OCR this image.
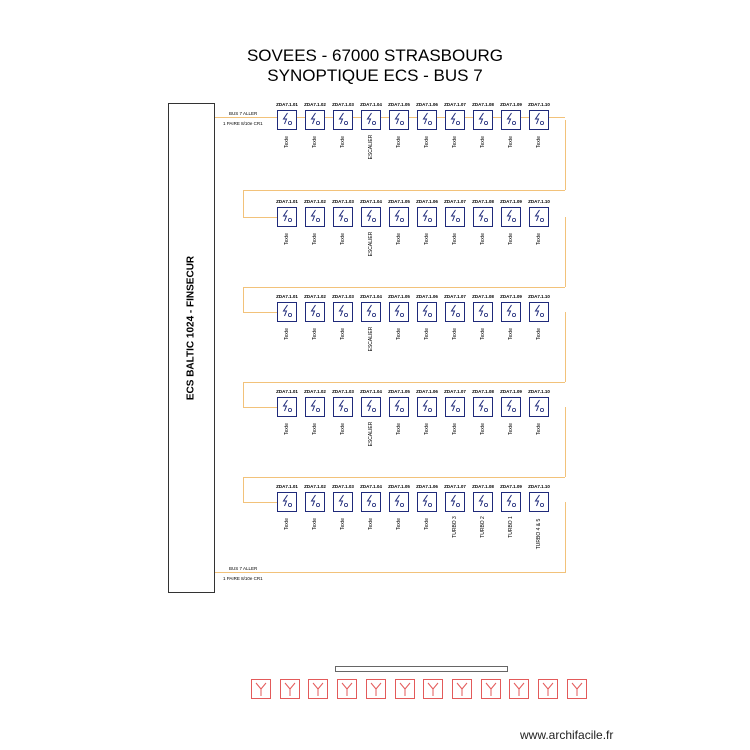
SOVEES - 67000 STRASBOURG
SYNOPTIQUE ECS - BUS 7
ECS BALTIC 1024 - FINSECUR
BUS 7 ALLER
1 PAIRE 8/10e CR1
BUS 7 ALLER
1 PAIRE 8/10e CR1
ZDA7.1.01
Texte
ZDA7.1.02
Texte
ZDA7.1.03
Texte
ZDA7.1.04
ESCALIER
ZDA7.1.05
Texte
ZDA7.1.06
Texte
ZDA7.1.07
Texte
ZDA7.1.08
Texte
ZDA7.1.09
Texte
ZDA7.1.10
Texte
ZDA7.1.01
Texte
ZDA7.1.02
Texte
ZDA7.1.03
Texte
ZDA7.1.04
ESCALIER
ZDA7.1.05
Texte
ZDA7.1.06
Texte
ZDA7.1.07
Texte
ZDA7.1.08
Texte
ZDA7.1.09
Texte
ZDA7.1.10
Texte
ZDA7.1.01
Texte
ZDA7.1.02
Texte
ZDA7.1.03
Texte
ZDA7.1.04
ESCALIER
ZDA7.1.05
Texte
ZDA7.1.06
Texte
ZDA7.1.07
Texte
ZDA7.1.08
Texte
ZDA7.1.09
Texte
ZDA7.1.10
Texte
ZDA7.1.01
Texte
ZDA7.1.02
Texte
ZDA7.1.03
Texte
ZDA7.1.04
ESCALIER
ZDA7.1.05
Texte
ZDA7.1.06
Texte
ZDA7.1.07
Texte
ZDA7.1.08
Texte
ZDA7.1.09
Texte
ZDA7.1.10
Texte
ZDA7.1.01
Texte
ZDA7.1.02
Texte
ZDA7.1.03
Texte
ZDA7.1.04
Texte
ZDA7.1.05
Texte
ZDA7.1.06
Texte
ZDA7.1.07
TURBO 3
ZDA7.1.08
TURBO 2
ZDA7.1.09
TURBO 1
ZDA7.1.10
TURBO 4 & 5
www.archifacile.fr
